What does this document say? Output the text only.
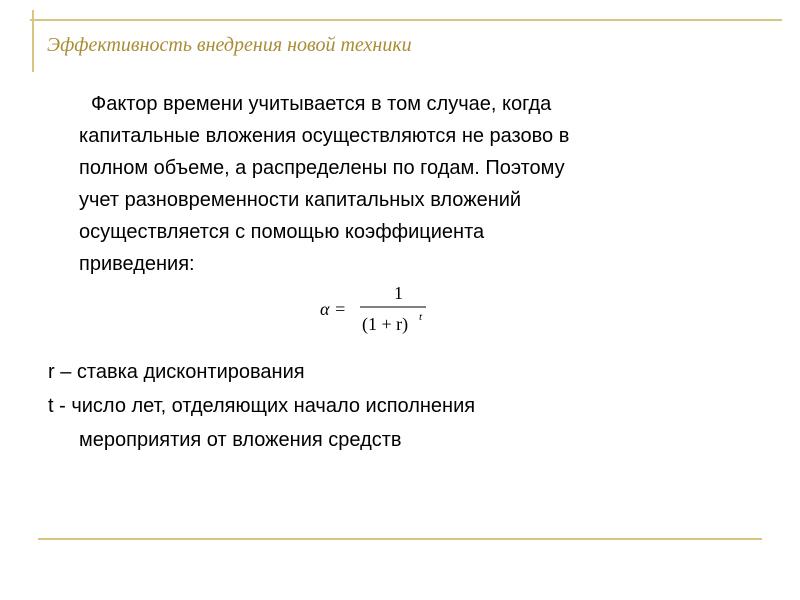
Эффективность внедрения новой техники
Фактор времени учитывается в том случае, когда
капитальные вложения осуществляются не разово в
полном объеме, а распределены по годам. Поэтому
учет разновременности капитальных вложений
осуществляется с помощью коэффициента
приведения:
α =
1
(1 + r) t
r – ставка дисконтирования
t - число лет, отделяющих начало исполнения
мероприятия от вложения средств
